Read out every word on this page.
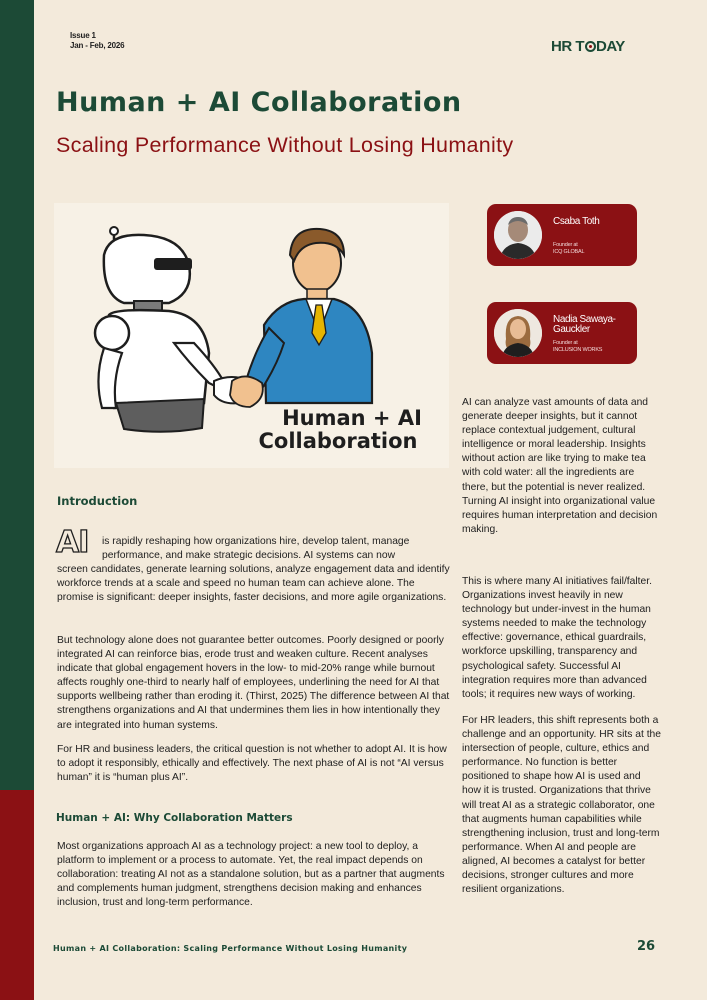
Issue 1
Jan - Feb, 2026	HR T DAY
Human + AI Collaboration
Scaling Performance Without Losing Humanity
Human + AI
Collaboration
Csaba Toth
Founder at
ICQ GLOBAL
Nadia Sawaya-Gauckler
Founder at
INCLUSION WORKS
Introduction
AI	is rapidly reshaping how organizations hire, develop talent, manage
performance, and make strategic decisions. AI systems can now
screen candidates, generate learning solutions, analyze engagement data and identify workforce trends at a scale and speed no human team can achieve alone. The promise is significant: deeper insights, faster decisions, and more agile organizations.
But technology alone does not guarantee better outcomes. Poorly designed or poorly integrated AI can reinforce bias, erode trust and weaken culture. Recent analyses indicate that global engagement hovers in the low- to mid-20% range while burnout affects roughly one-third to nearly half of employees, underlining the need for AI that supports wellbeing rather than eroding it. (Thirst, 2025) The difference between AI that strengthens organizations and AI that undermines them lies in how intentionally they are integrated into human systems.
For HR and business leaders, the critical question is not whether to adopt AI. It is how to adopt it responsibly, ethically and effectively. The next phase of AI is not “AI versus human” it is “human plus AI”.
Human + AI: Why Collaboration Matters
Most organizations approach AI as a technology project: a new tool to deploy, a platform to implement or a process to automate. Yet, the real impact depends on collaboration: treating AI not as a standalone solution, but as a partner that augments and complements human judgment, strengthens decision making and enhances inclusion, trust and long-term performance.
AI can analyze vast amounts of data and generate deeper insights, but it cannot replace contextual judgement, cultural intelligence or moral leadership. Insights without action are like trying to make tea with cold water: all the ingredients are there, but the potential is never realized. Turning AI insight into organizational value requires human interpretation and decision making.
This is where many AI initiatives fail/falter. Organizations invest heavily in new technology but under-invest in the human systems needed to make the technology effective: governance, ethical guardrails, workforce upskilling, transparency and psychological safety. Successful AI integration requires more than advanced tools; it requires new ways of working.
For HR leaders, this shift represents both a challenge and an opportunity. HR sits at the intersection of people, culture, ethics and performance. No function is better positioned to shape how AI is used and how it is trusted. Organizations that thrive will treat AI as a strategic collaborator, one that augments human capabilities while strengthening inclusion, trust and long-term performance. When AI and people are aligned, AI becomes a catalyst for better decisions, stronger cultures and more resilient organizations.
Human + AI Collaboration: Scaling Performance Without Losing Humanity	26
